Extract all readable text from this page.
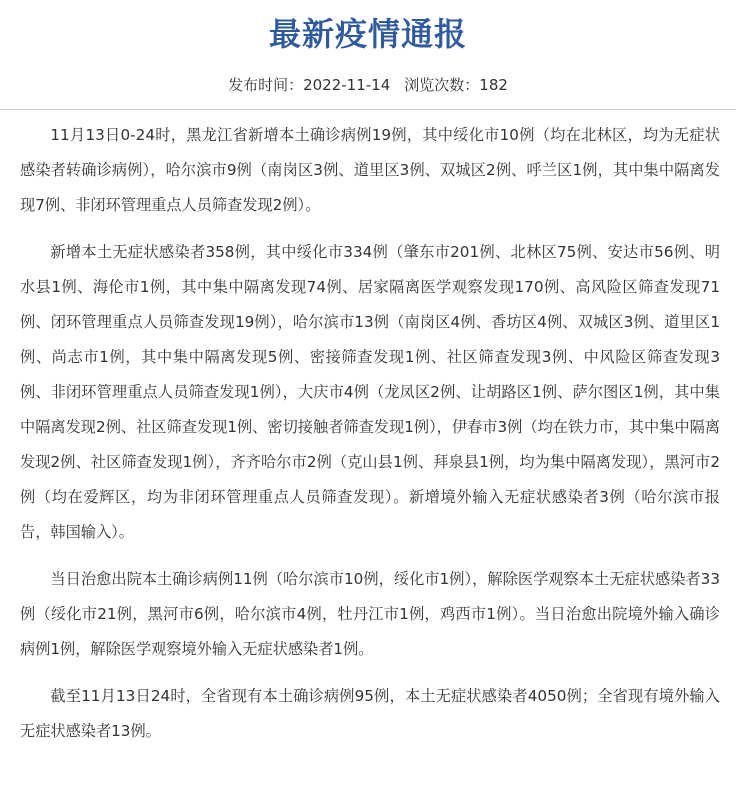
最新疫情通报
发布时间：2022-11-14 浏览次数：182

11月13日0-24时，黑龙江省新增本土确诊病例19例，其中绥化市10例（均在北林区，均为无症状感染者转确诊病例），哈尔滨市9例（南岗区3例、道里区3例、双城区2例、呼兰区1例，其中集中隔离发现7例、非闭环管理重点人员筛查发现2例）。

新增本土无症状感染者358例，其中绥化市334例（肇东市201例、北林区75例、安达市56例、明水县1例、海伦市1例，其中集中隔离发现74例、居家隔离医学观察发现170例、高风险区筛查发现71例、闭环管理重点人员筛查发现19例），哈尔滨市13例（南岗区4例、香坊区4例、双城区3例、道里区1例、尚志市1例，其中集中隔离发现5例、密接筛查发现1例、社区筛查发现3例、中风险区筛查发现3例、非闭环管理重点人员筛查发现1例），大庆市4例（龙凤区2例、让胡路区1例、萨尔图区1例，其中集中隔离发现2例、社区筛查发现1例、密切接触者筛查发现1例），伊春市3例（均在铁力市，其中集中隔离发现2例、社区筛查发现1例），齐齐哈尔市2例（克山县1例、拜泉县1例，均为集中隔离发现），黑河市2例（均在爱辉区，均为非闭环管理重点人员筛查发现）。新增境外输入无症状感染者3例（哈尔滨市报告，韩国输入）。

当日治愈出院本土确诊病例11例（哈尔滨市10例，绥化市1例），解除医学观察本土无症状感染者33例（绥化市21例，黑河市6例，哈尔滨市4例，牡丹江市1例，鸡西市1例）。当日治愈出院境外输入确诊病例1例，解除医学观察境外输入无症状感染者1例。

截至11月13日24时，全省现有本土确诊病例95例，本土无症状感染者4050例；全省现有境外输入无症状感染者13例。
